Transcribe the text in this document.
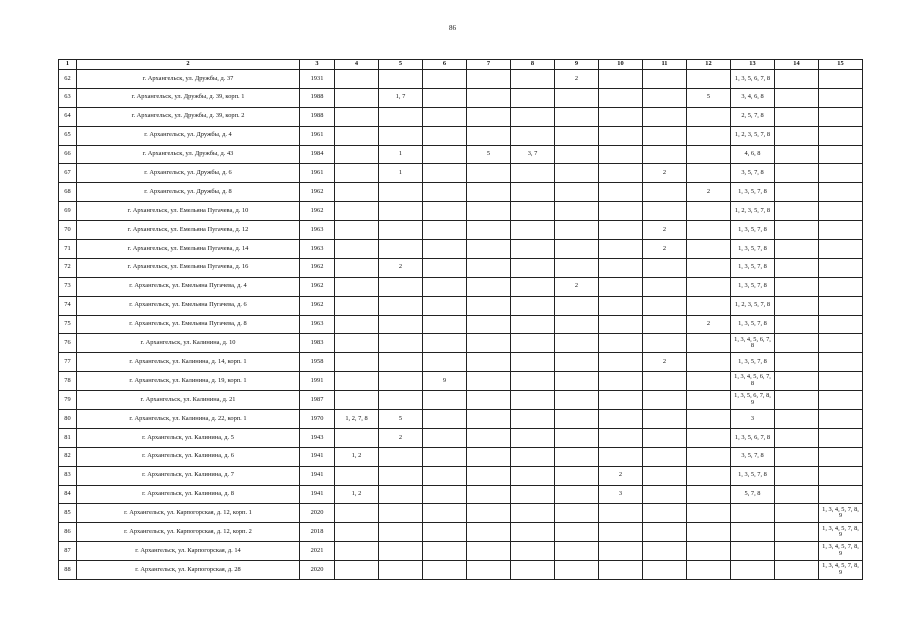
86
1	2	3	4	5	6	7	8	9	10	11	12	13	14	15
62	г. Архангельск, ул. Дружбы, д. 37	1931						2				1, 3, 5, 6, 7, 8		
63	г. Архангельск, ул. Дружбы, д. 39, корп. 1	1988		1, 7							5	3, 4, 6, 8		
64	г. Архангельск, ул. Дружбы, д. 39, корп. 2	1988										2, 5, 7, 8		
65	г. Архангельск, ул. Дружбы, д. 4	1961										1, 2, 3, 5, 7, 8		
66	г. Архангельск, ул. Дружбы, д. 43	1984		1		5	3, 7					4, 6, 8		
67	г. Архангельск, ул. Дружбы, д. 6	1961		1						2		3, 5, 7, 8		
68	г. Архангельск, ул. Дружбы, д. 8	1962									2	1, 3, 5, 7, 8		
69	г. Архангельск, ул. Емельяна Пугачева, д. 10	1962										1, 2, 3, 5, 7, 8		
70	г. Архангельск, ул. Емельяна Пугачева, д. 12	1963								2		1, 3, 5, 7, 8		
71	г. Архангельск, ул. Емельяна Пугачева, д. 14	1963								2		1, 3, 5, 7, 8		
72	г. Архангельск, ул. Емельяна Пугачева, д. 16	1962		2								1, 3, 5, 7, 8		
73	г. Архангельск, ул. Емельяна Пугачева, д. 4	1962						2				1, 3, 5, 7, 8		
74	г. Архангельск, ул. Емельяна Пугачева, д. 6	1962										1, 2, 3, 5, 7, 8		
75	г. Архангельск, ул. Емельяна Пугачева, д. 8	1963									2	1, 3, 5, 7, 8		
76	г. Архангельск, ул. Калинина, д. 10	1983										1, 3, 4, 5, 6, 7, 8		
77	г. Архангельск, ул. Калинина, д. 14, корп. 1	1958								2		1, 3, 5, 7, 8		
78	г. Архангельск, ул. Калинина, д. 19, корп. 1	1991			9							1, 3, 4, 5, 6, 7, 8		
79	г. Архангельск, ул. Калинина, д. 21	1987										1, 3, 5, 6, 7, 8, 9		
80	г. Архангельск, ул. Калинина, д. 22, корп. 1	1970	1, 2, 7, 8	5								3		
81	г. Архангельск, ул. Калинина, д. 5	1943		2								1, 3, 5, 6, 7, 8		
82	г. Архангельск, ул. Калинина, д. 6	1941	1, 2									3, 5, 7, 8		
83	г. Архангельск, ул. Калинина, д. 7	1941							2			1, 3, 5, 7, 8		
84	г. Архангельск, ул. Калинина, д. 8	1941	1, 2						3			5, 7, 8		
85	г. Архангельск, ул. Карпогорская, д. 12, корп. 1	2020												1, 3, 4, 5, 7, 8, 9
86	г. Архангельск, ул. Карпогорская, д. 12, корп. 2	2018												1, 3, 4, 5, 7, 8, 9
87	г. Архангельск, ул. Карпогорская, д. 14	2021												1, 3, 4, 5, 7, 8, 9
88	г. Архангельск, ул. Карпогорская, д. 28	2020												1, 3, 4, 5, 7, 8, 9
